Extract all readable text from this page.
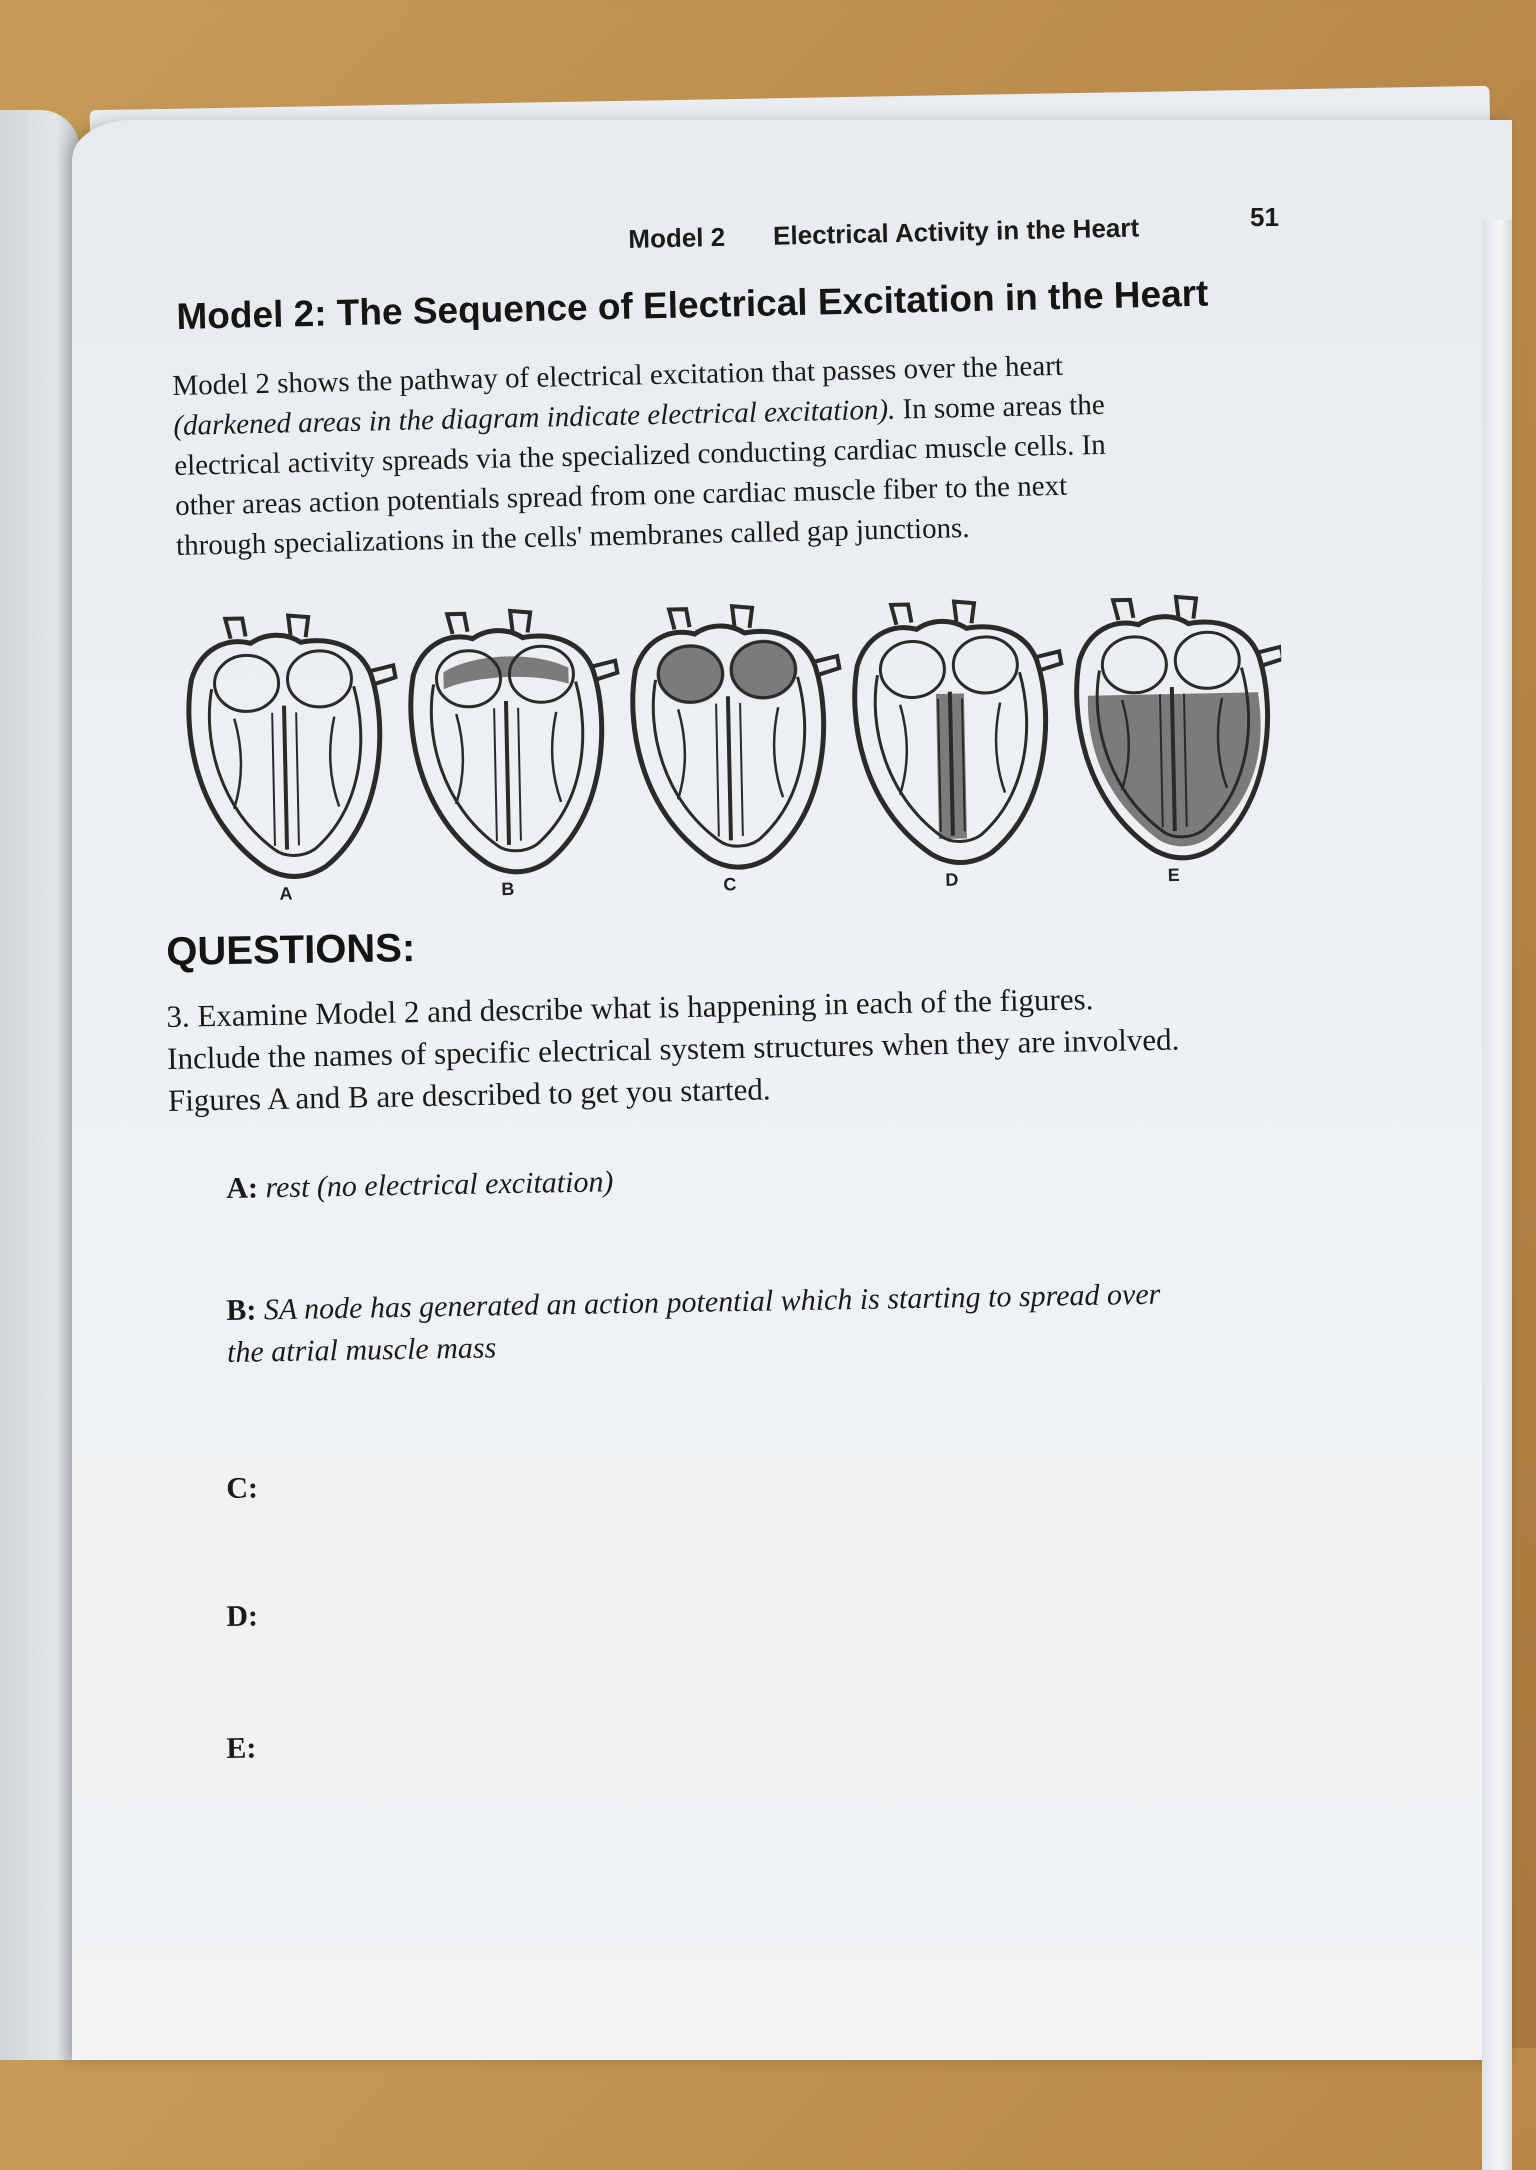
Model 2 Electrical Activity in the Heart	51
Model 2: The Sequence of Electrical Excitation in the Heart
Model 2 shows the pathway of electrical excitation that passes over the heart
(darkened areas in the diagram indicate electrical excitation). In some areas the
electrical activity spreads via the specialized conducting cardiac muscle cells. In
other areas action potentials spread from one cardiac muscle fiber to the next
through specializations in the cells' membranes called gap junctions.
A	B	C	D	E
QUESTIONS:
3. Examine Model 2 and describe what is happening in each of the figures.
Include the names of specific electrical system structures when they are involved.
Figures A and B are described to get you started.
A: rest (no electrical excitation)
B: SA node has generated an action potential which is starting to spread over
the atrial muscle mass
C:
D:
E:
